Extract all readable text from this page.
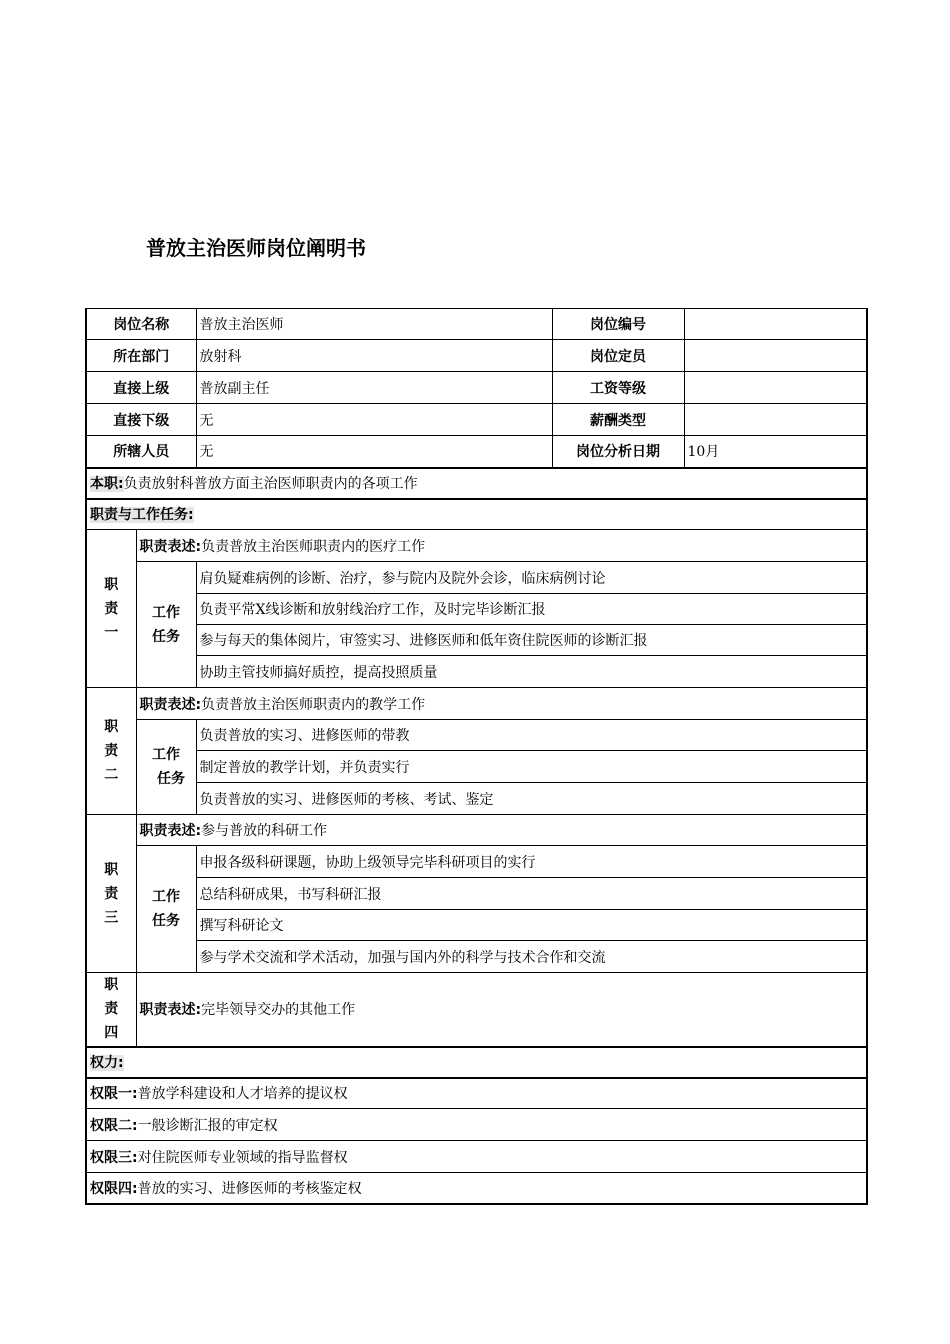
普放主治医师岗位阐明书
岗位名称		普放主治医师	岗位编号	
所在部门		放射科	岗位定员	
直接上级		普放副主任	工资等级	
直接下级		无	薪酬类型	
所辖人员		无	岗位分析日期	10月
本职:负责放射科普放方面主治医师职责内的各项工作				
职责与工作任务:				

职
责
一	职责表述:负责普放主治医师职责内的医疗工作			

	工作
任务	肩负疑难病例的诊断、治疗，参与院内及院外会诊，临床病例讨论		
		负责平常X线诊断和放射线治疗工作，及时完毕诊断汇报		
		参与每天的集体阅片，审签实习、进修医师和低年资住院医师的诊断汇报		
		协助主管技师搞好质控，提高投照质量		

职
责
二	职责表述:负责普放主治医师职责内的教学工作			

	工作
任务	负责普放的实习、进修医师的带教		
		制定普放的教学计划，并负责实行		
		负责普放的实习、进修医师的考核、考试、鉴定		

职
责
三	职责表述:参与普放的科研工作			

	工作
任务	申报各级科研课题，协助上级领导完毕科研项目的实行		
		总结科研成果，书写科研汇报		
		撰写科研论文		
		参与学术交流和学术活动，加强与国内外的科学与技术合作和交流		

职
责
四	职责表述:完毕领导交办的其他工作			
权力:				
权限一:普放学科建设和人才培养的提议权				
权限二:一般诊断汇报的审定权				
权限三:对住院医师专业领域的指导监督权				
权限四:普放的实习、进修医师的考核鉴定权				
